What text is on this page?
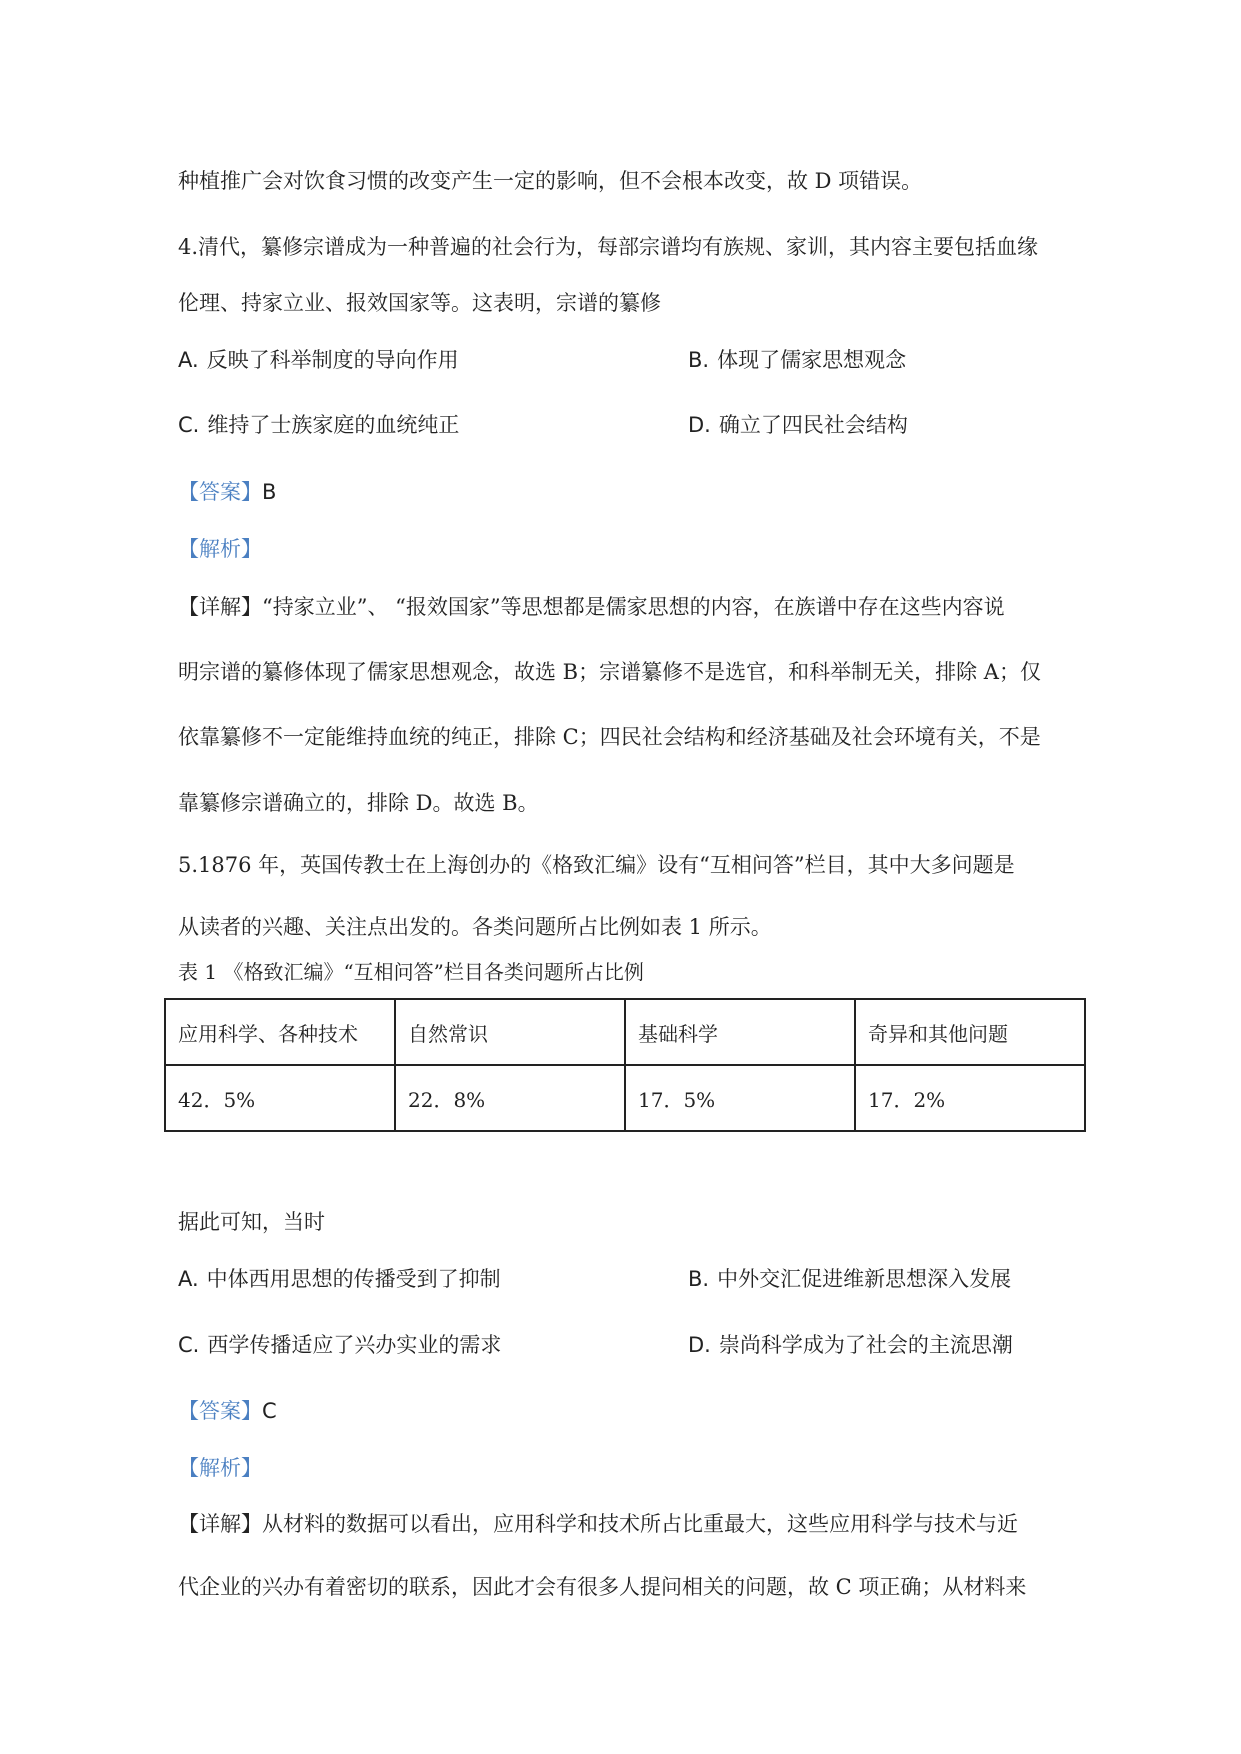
种植推广会对饮食习惯的改变产生一定的影响，但不会根本改变，故 D 项错误。
4.清代，纂修宗谱成为一种普遍的社会行为，每部宗谱均有族规、家训，其内容主要包括血缘
伦理、持家立业、报效国家等。这表明，宗谱的纂修
A. 反映了科举制度的导向作用	B. 体现了儒家思想观念
C. 维持了士族家庭的血统纯正	D. 确立了四民社会结构
【答案】B
【解析】
【详解】“持家立业”、 “报效国家”等思想都是儒家思想的内容，在族谱中存在这些内容说
明宗谱的纂修体现了儒家思想观念，故选 B；宗谱纂修不是选官，和科举制无关，排除 A；仅
依靠纂修不一定能维持血统的纯正，排除 C；四民社会结构和经济基础及社会环境有关，不是
靠纂修宗谱确立的，排除 D。故选 B。
5.1876 年，英国传教士在上海创办的《格致汇编》设有“互相问答”栏目，其中大多问题是
从读者的兴趣、关注点出发的。各类问题所占比例如表 1 所示。
表 1 《格致汇编》“互相问答”栏目各类问题所占比例
应用科学、各种技术	自然常识	基础科学	奇异和其他问题
42．5%	22．8%	17．5%	17．2%
据此可知，当时
A. 中体西用思想的传播受到了抑制	B. 中外交汇促进维新思想深入发展
C. 西学传播适应了兴办实业的需求	D. 崇尚科学成为了社会的主流思潮
【答案】C
【解析】
【详解】从材料的数据可以看出，应用科学和技术所占比重最大，这些应用科学与技术与近
代企业的兴办有着密切的联系，因此才会有很多人提问相关的问题，故 C 项正确；从材料来
